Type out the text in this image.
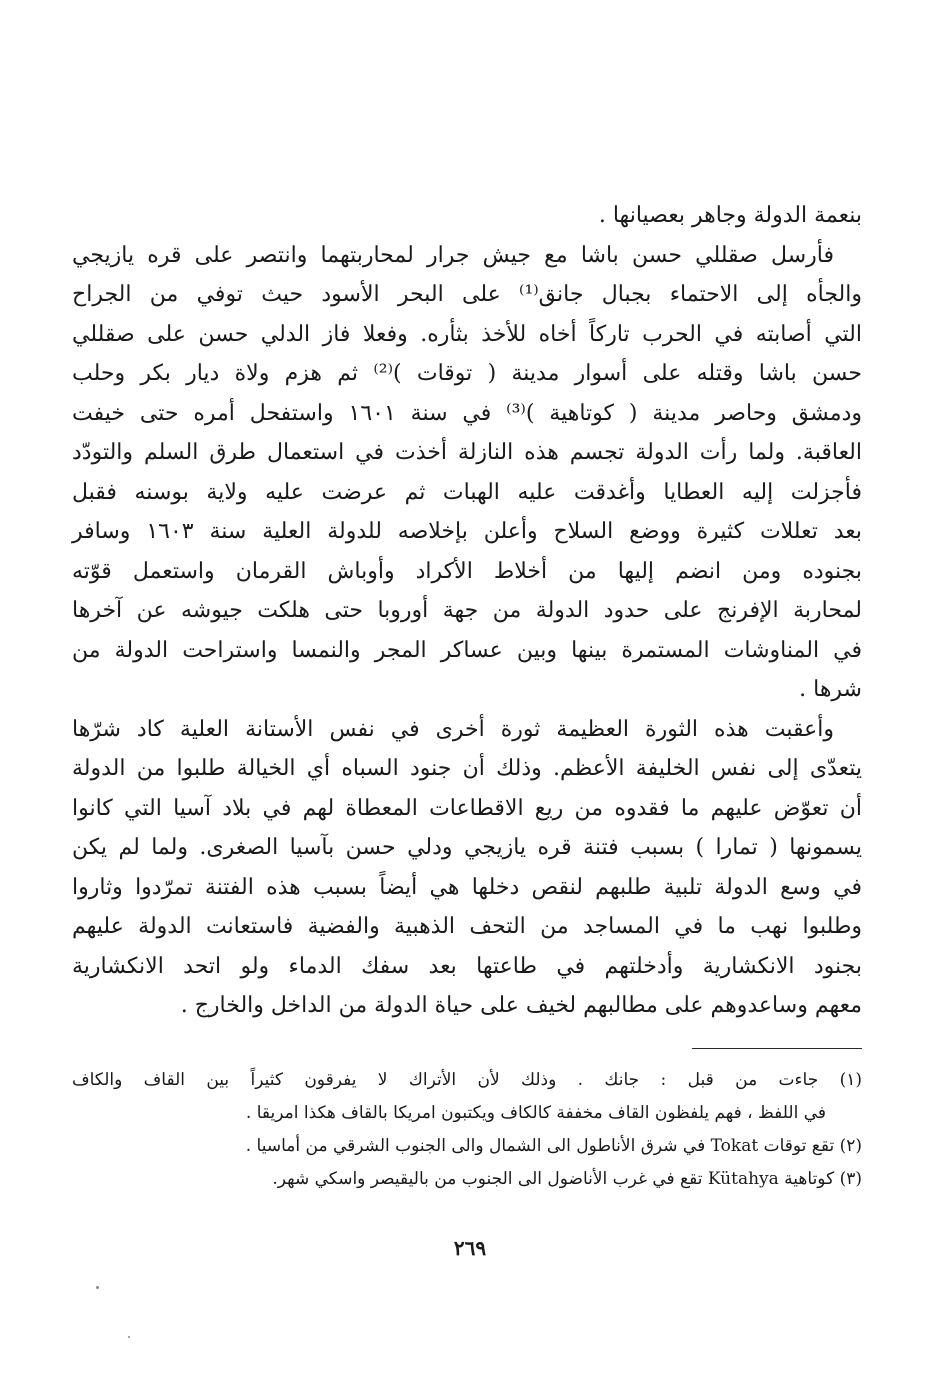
بنعمة الدولة وجاهر بعصيانها .
فأرسل صقللي حسن باشا مع جيش جرار لمحاربتهما وانتصر على قره يازيجي
والجأه إلى الاحتماء بجبال جانق⁽¹⁾ على البحر الأسود حيث توفي من الجراح
التي أصابته في الحرب تاركاً أخاه للأخذ بثأره. وفعلا فاز الدلي حسن على صقللي
حسن باشا وقتله على أسوار مدينة ( توقات )⁽²⁾ ثم هزم ولاة ديار بكر وحلب
ودمشق وحاصر مدينة ( كوتاهية )⁽³⁾ في سنة ١٦٠١ واستفحل أمره حتى خيفت
العاقبة. ولما رأت الدولة تجسم هذه النازلة أخذت في استعمال طرق السلم والتودّد
فأجزلت إليه العطايا وأغدقت عليه الهبات ثم عرضت عليه ولاية بوسنه فقبل
بعد تعللات كثيرة ووضع السلاح وأعلن بإخلاصه للدولة العلية سنة ١٦٠٣ وسافر
بجنوده ومن انضم إليها من أخلاط الأكراد وأوباش القرمان واستعمل قوّته
لمحاربة الإفرنج على حدود الدولة من جهة أوروبا حتى هلكت جيوشه عن آخرها
في المناوشات المستمرة بينها وبين عساكر المجر والنمسا واستراحت الدولة من
شرها .
وأعقبت هذه الثورة العظيمة ثورة أخرى في نفس الأستانة العلية كاد شرّها
يتعدّى إلى نفس الخليفة الأعظم. وذلك أن جنود السباه أي الخيالة طلبوا من الدولة
أن تعوّض عليهم ما فقدوه من ريع الاقطاعات المعطاة لهم في بلاد آسيا التي كانوا
يسمونها ( تمارا ) بسبب فتنة قره يازيجي ودلي حسن بآسيا الصغرى. ولما لم يكن
في وسع الدولة تلبية طلبهم لنقص دخلها هي أيضاً بسبب هذه الفتنة تمرّدوا وثاروا
وطلبوا نهب ما في المساجد من التحف الذهبية والفضية فاستعانت الدولة عليهم
بجنود الانكشارية وأدخلتهم في طاعتها بعد سفك الدماء ولو اتحد الانكشارية
معهم وساعدوهم على مطالبهم لخيف على حياة الدولة من الداخل والخارج .
(١) جاءت من قبل : جانك . وذلك لأن الأتراك لا يفرقون كثيراً بين القاف والكاف
في اللفظ ، فهم يلفظون القاف مخففة كالكاف ويكتبون امريكا بالقاف هكذا امريقا .
(٢) تقع توقات Tokat في شرق الأناطول الى الشمال والى الجنوب الشرقي من أماسيا .
(٣) كوتاهية Kütahya تقع في غرب الأناضول الى الجنوب من باليقيصر واسكي شهر.
٢٦٩
